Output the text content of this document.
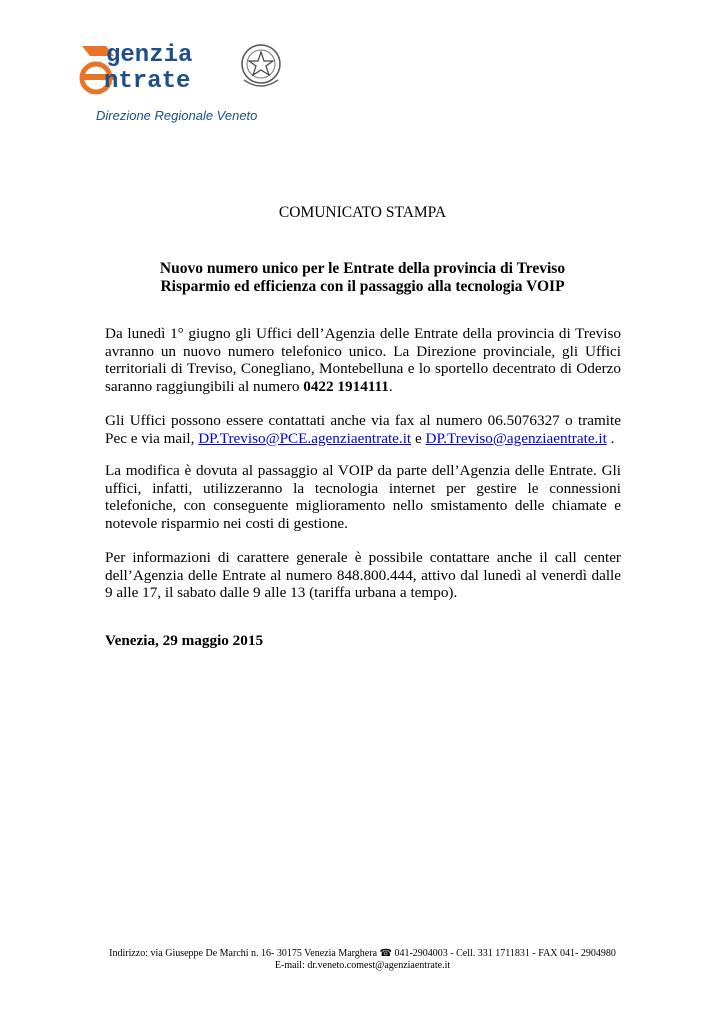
genzia
ntrate
Direzione Regionale Veneto
COMUNICATO STAMPA
Nuovo numero unico per le Entrate della provincia di Treviso
Risparmio ed efficienza con il passaggio alla tecnologia VOIP
Da lunedì 1° giugno gli Uffici dell’Agenzia delle Entrate della provincia di Treviso avranno un nuovo numero telefonico unico. La Direzione provinciale, gli Uffici territoriali di Treviso, Conegliano, Montebelluna e lo sportello decentrato di Oderzo saranno raggiungibili al numero 0422 1914111.
Gli Uffici possono essere contattati anche via fax al numero 06.5076327 o tramite Pec e via mail, DP.Treviso@PCE.agenziaentrate.it e DP.Treviso@agenziaentrate.it .
La modifica è dovuta al passaggio al VOIP da parte dell’Agenzia delle Entrate. Gli uffici, infatti, utilizzeranno la tecnologia internet per gestire le connessioni telefoniche, con conseguente miglioramento nello smistamento delle chiamate e notevole risparmio nei costi di gestione.
Per informazioni di carattere generale è possibile contattare anche il call center dell’Agenzia delle Entrate al numero 848.800.444, attivo dal lunedì al venerdì dalle 9 alle 17, il sabato dalle 9 alle 13 (tariffa urbana a tempo).
Venezia, 29 maggio 2015
Indirizzo: via Giuseppe De Marchi n. 16- 30175 Venezia Marghera ☎ 041-2904003 - Cell. 331 1711831 - FAX 041- 2904980
E-mail: dr.veneto.comest@agenziaentrate.it
